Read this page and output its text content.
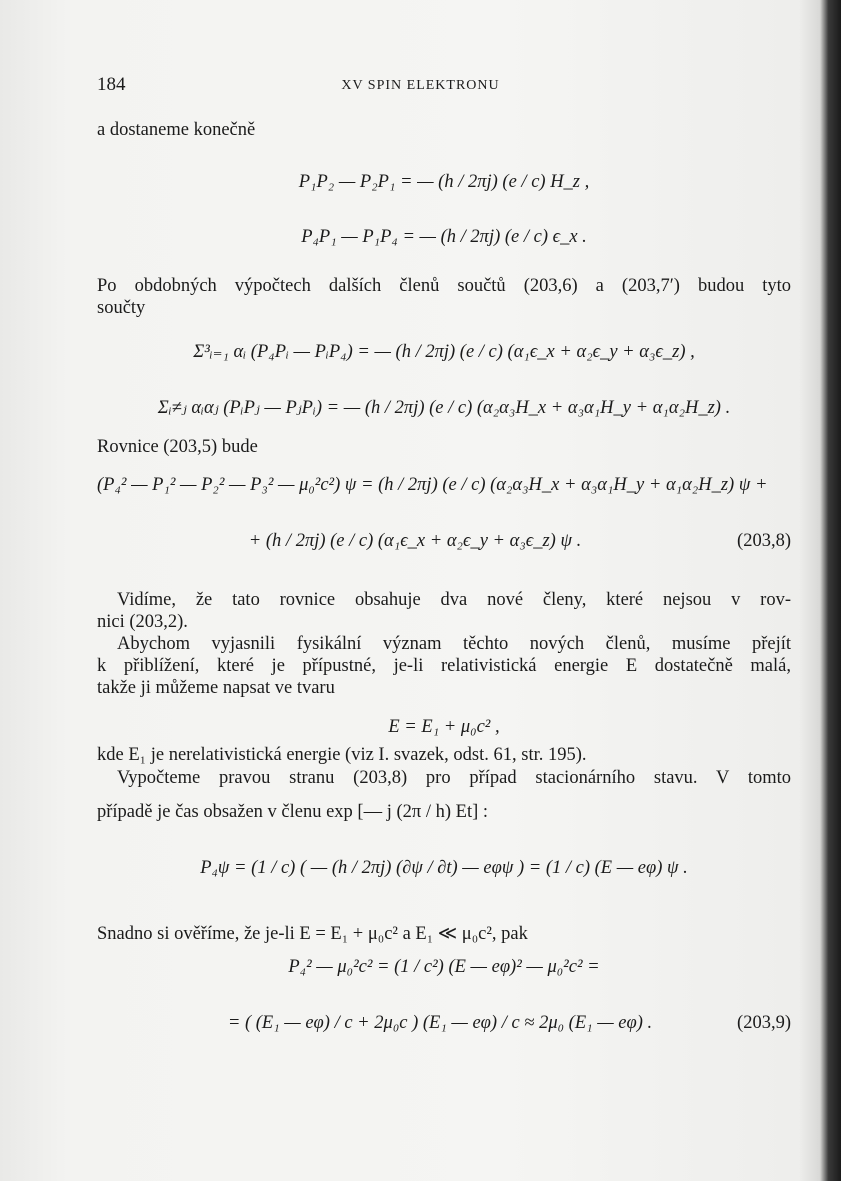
184	XV SPIN ELEKTRONU
a dostaneme konečně
P₁P₂ — P₂P₁ = — (h / 2πj) (e / c) H_z ,
P₄P₁ — P₁P₄ = — (h / 2πj) (e / c) ϵ_x .
Po obdobných výpočtech dalších členů součtů (203,6) a (203,7′) budou tyto
součty
Σ³ᵢ₌₁ αᵢ (P₄Pᵢ — PᵢP₄) = — (h / 2πj) (e / c) (α₁ϵ_x + α₂ϵ_y + α₃ϵ_z) ,
Σᵢ≠ⱼ αᵢαⱼ (PᵢPⱼ — PⱼPᵢ) = — (h / 2πj) (e / c) (α₂α₃H_x + α₃α₁H_y + α₁α₂H_z) .
Rovnice (203,5) bude
(P₄² — P₁² — P₂² — P₃² — μ₀²c²) ψ = (h / 2πj) (e / c) (α₂α₃H_x + α₃α₁H_y + α₁α₂H_z) ψ +
+ (h / 2πj) (e / c) (α₁ϵ_x + α₂ϵ_y + α₃ϵ_z) ψ .	(203,8)
Vidíme, že tato rovnice obsahuje dva nové členy, které nejsou v rov-
nici (203,2).
Abychom vyjasnili fysikální význam těchto nových členů, musíme přejít
k přiblížení, které je přípustné, je-li relativistická energie E dostatečně malá,
takže ji můžeme napsat ve tvaru
E = E₁ + μ₀c² ,
kde E₁ je nerelativistická energie (viz I. svazek, odst. 61, str. 195).
Vypočteme pravou stranu (203,8) pro případ stacionárního stavu. V tomto
případě je čas obsažen v členu exp [— j (2π / h) Et] :
P₄ψ = (1 / c) ( — (h / 2πj) (∂ψ / ∂t) — eφψ ) = (1 / c) (E — eφ) ψ .
Snadno si ověříme, že je-li E = E₁ + μ₀c² a E₁ ≪ μ₀c², pak
P₄² — μ₀²c² = (1 / c²) (E — eφ)² — μ₀²c² =
= ( (E₁ — eφ) / c + 2μ₀c ) (E₁ — eφ) / c ≈ 2μ₀ (E₁ — eφ) .	(203,9)
